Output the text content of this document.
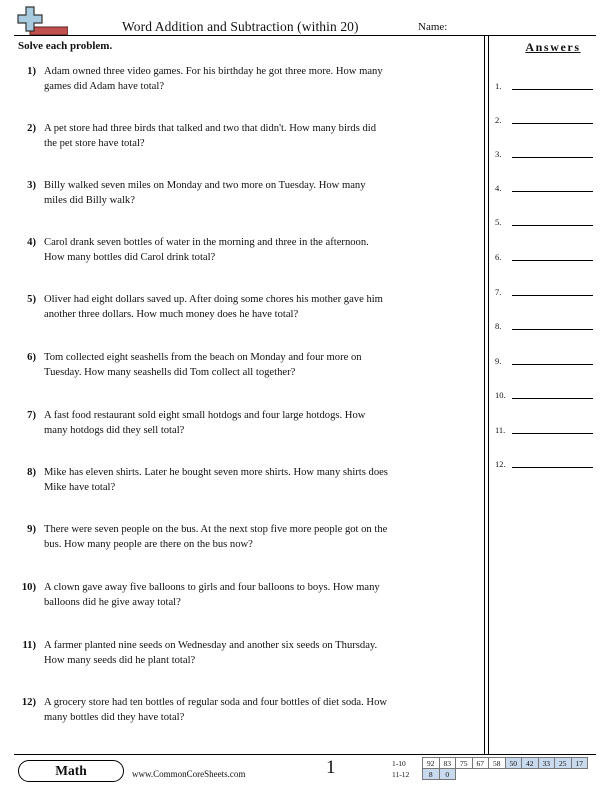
Word Addition and Subtraction (within 20)	Name:
Solve each problem.
1) Adam owned three video games. For his birthday he got three more. How many games did Adam have total?
2) A pet store had three birds that talked and two that didn't. How many birds did the pet store have total?
3) Billy walked seven miles on Monday and two more on Tuesday. How many miles did Billy walk?
4) Carol drank seven bottles of water in the morning and three in the afternoon. How many bottles did Carol drink total?
5) Oliver had eight dollars saved up. After doing some chores his mother gave him another three dollars. How much money does he have total?
6) Tom collected eight seashells from the beach on Monday and four more on Tuesday. How many seashells did Tom collect all together?
7) A fast food restaurant sold eight small hotdogs and four large hotdogs. How many hotdogs did they sell total?
8) Mike has eleven shirts. Later he bought seven more shirts. How many shirts does Mike have total?
9) There were seven people on the bus. At the next stop five more people got on the bus. How many people are there on the bus now?
10) A clown gave away five balloons to girls and four balloons to boys. How many balloons did he give away total?
11) A farmer planted nine seeds on Wednesday and another six seeds on Thursday. How many seeds did he plant total?
12) A grocery store had ten bottles of regular soda and four bottles of diet soda. How many bottles did they have total?
Answers
1.
2.
3.
4.
5.
6.
7.
8.
9.
10.
11.
12.
Math	www.CommonCoreSheets.com	1	1-10	92	83	75	67	58	50	42	33	25	17
11-12	8	0								
